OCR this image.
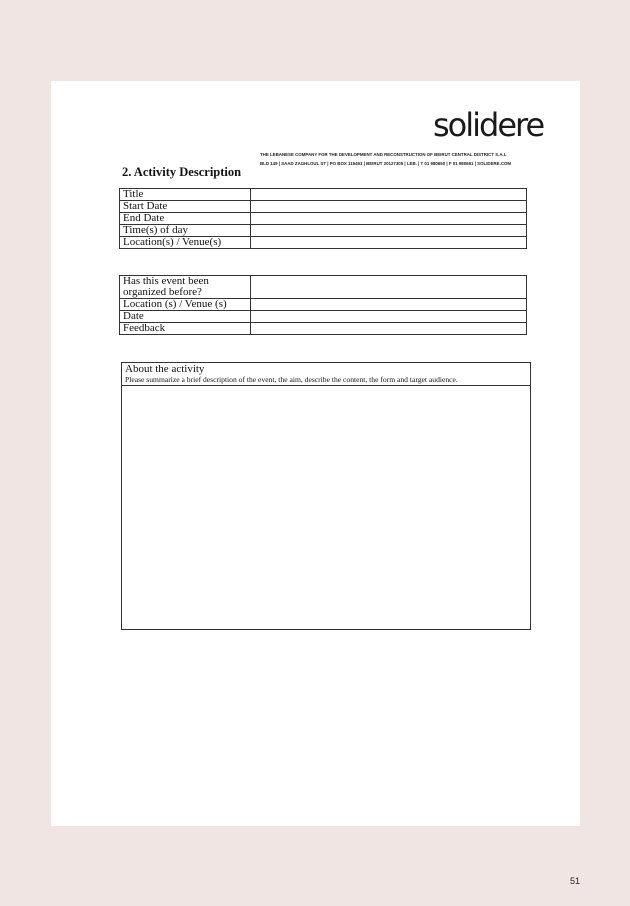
solidere
THE LEBANESE COMPANY FOR THE DEVELOPMENT AND RECONSTRUCTION OF BEIRUT CENTRAL DISTRICT S.A.L
BLD 149 | SAAD ZAGHLOUL ST | PO BOX 119493 | BEIRUT 20127305 | LEB. | T 01 980650 | F 01 980661 | SOLIDERE.COM
2. Activity Description
Title	
Start Date	
End Date	
Time(s) of day	
Location(s) / Venue(s)	
Has this event been organized before?	
Location (s) / Venue (s)	
Date	
Feedback	
About the activity
Please summarize a brief description of the event, the aim, describe the content, the form and target audience.
51
